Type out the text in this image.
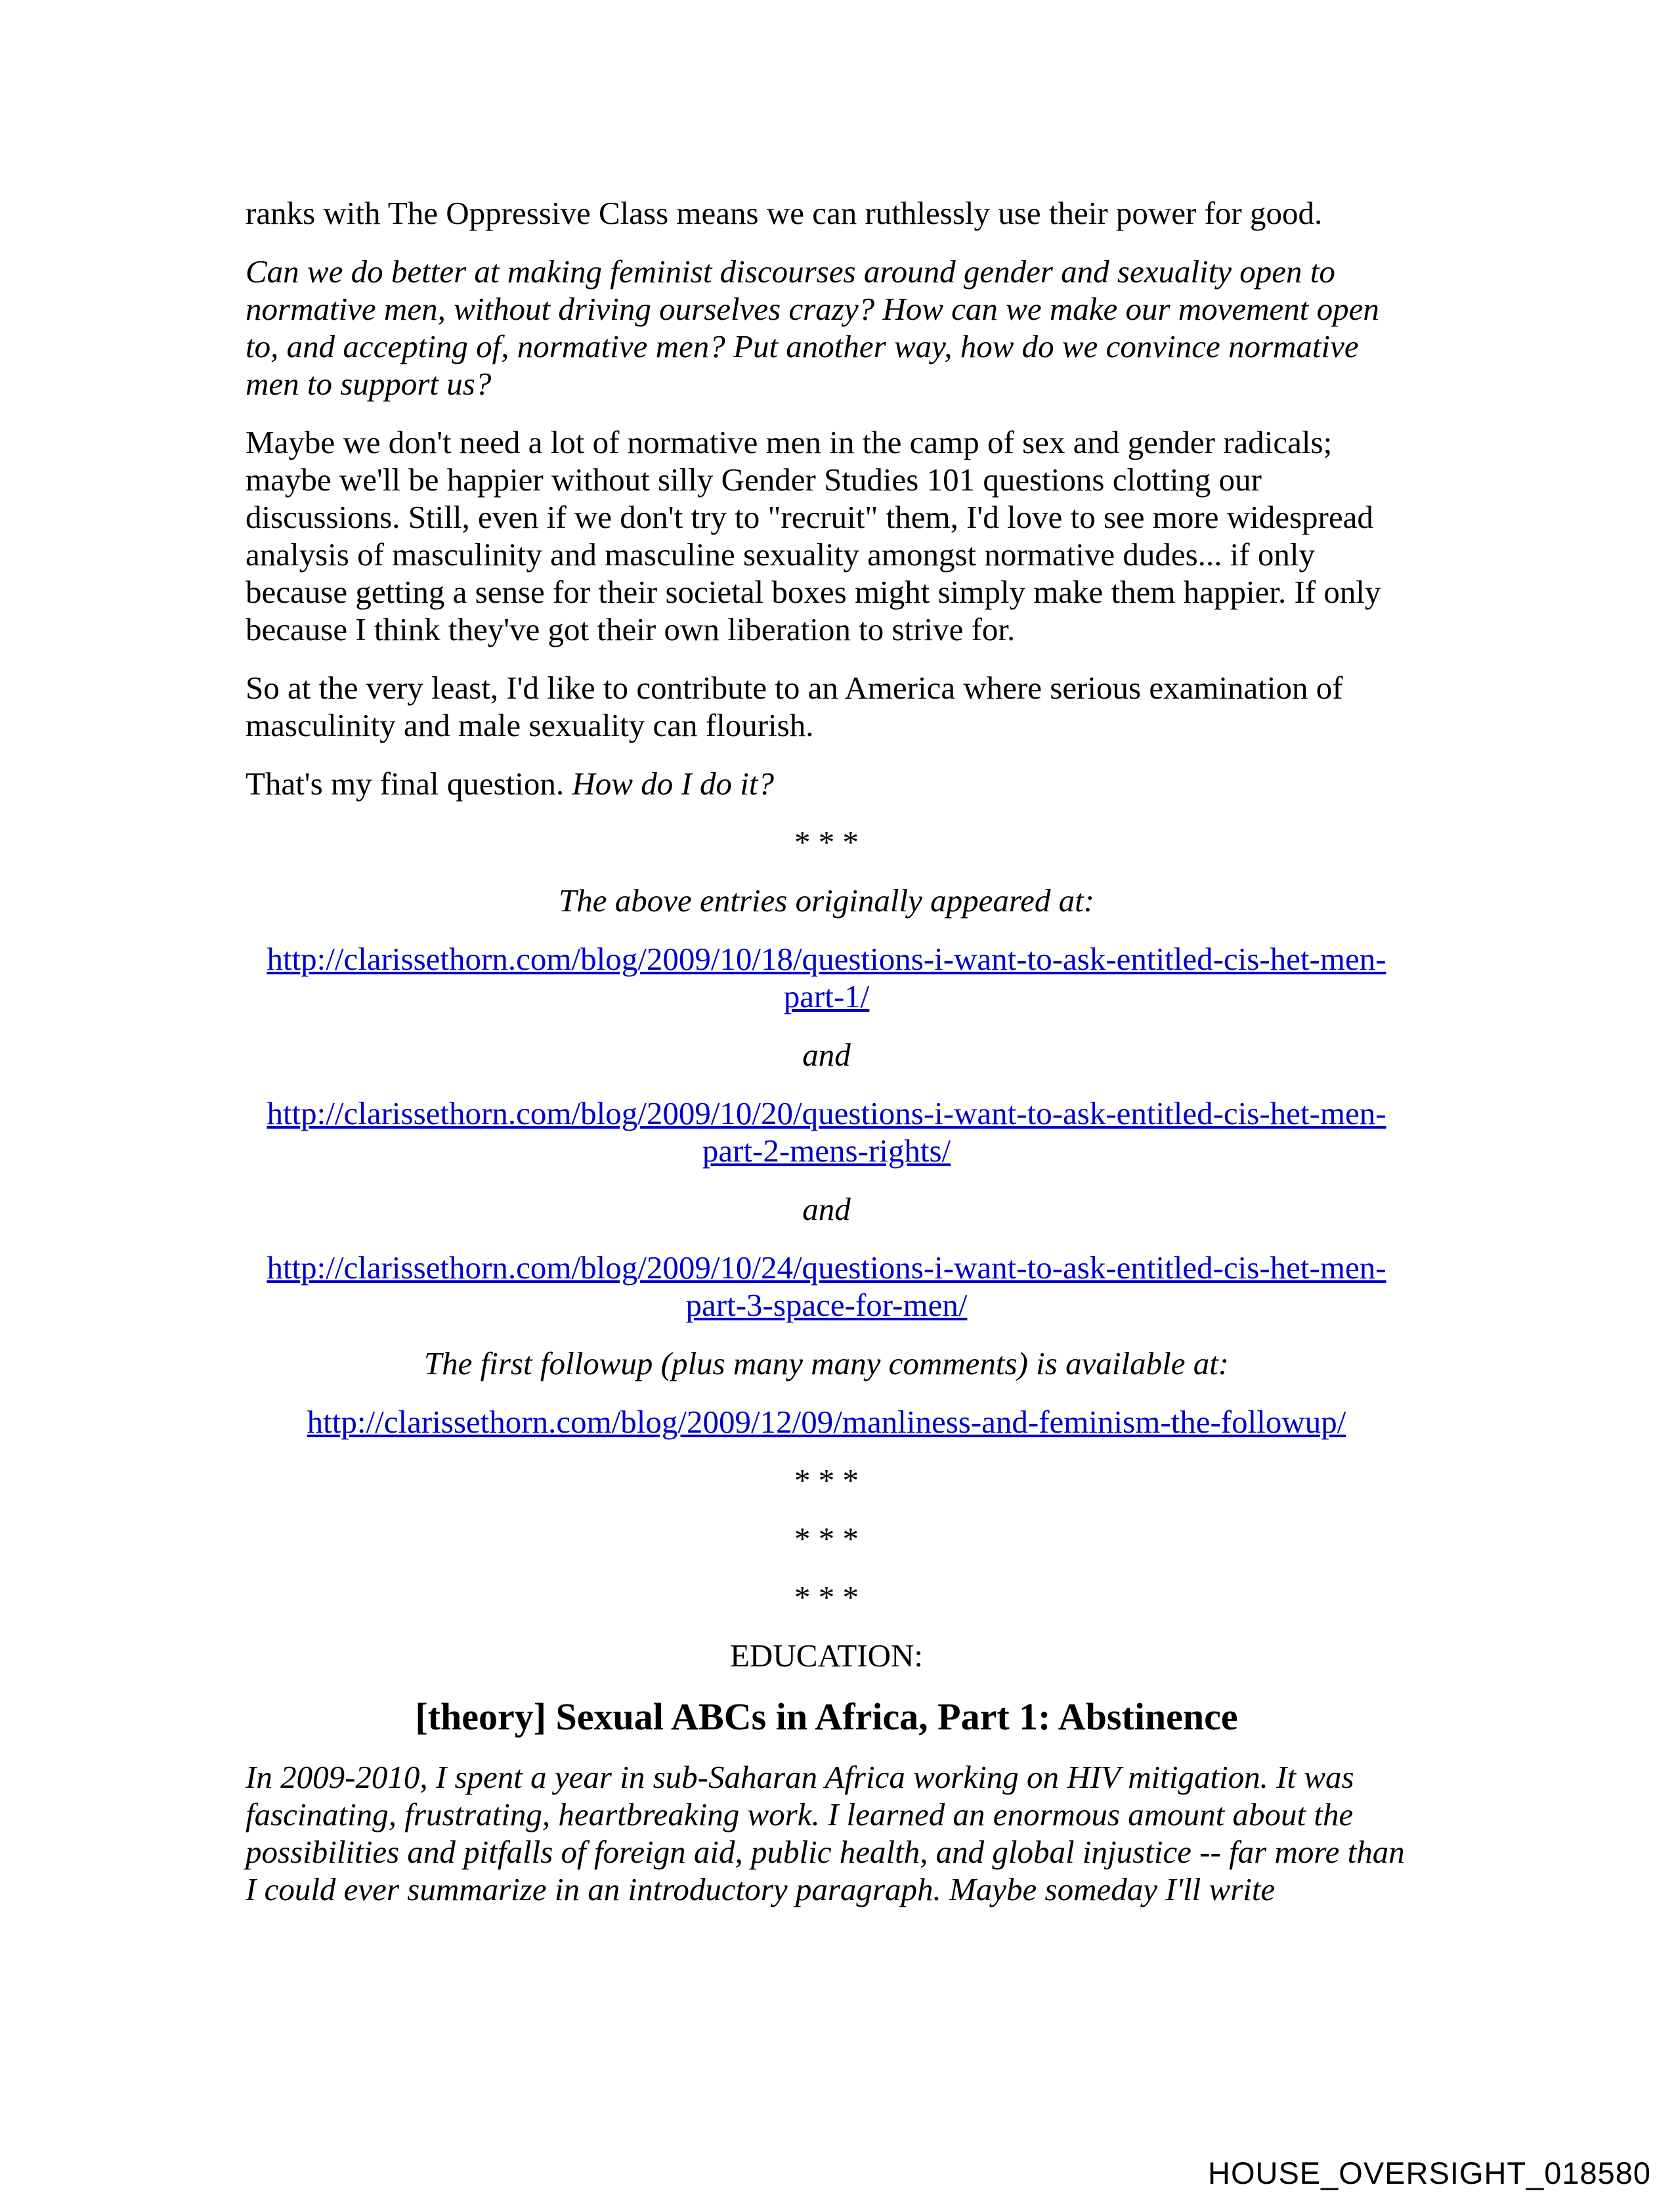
ranks with The Oppressive Class means we can ruthlessly use their power for good.

Can we do better at making feminist discourses around gender and sexuality open to normative men, without driving ourselves crazy? How can we make our movement open to, and accepting of, normative men? Put another way, how do we convince normative men to support us?

Maybe we don't need a lot of normative men in the camp of sex and gender radicals; maybe we'll be happier without silly Gender Studies 101 questions clotting our discussions. Still, even if we don't try to "recruit" them, I'd love to see more widespread analysis of masculinity and masculine sexuality amongst normative dudes... if only because getting a sense for their societal boxes might simply make them happier. If only because I think they've got their own liberation to strive for.

So at the very least, I'd like to contribute to an America where serious examination of masculinity and male sexuality can flourish.

That's my final question. How do I do it?

* * *

The above entries originally appeared at:

http://clarissethorn.com/blog/2009/10/18/questions-i-want-to-ask-entitled-cis-het-men-
part-1/

and

http://clarissethorn.com/blog/2009/10/20/questions-i-want-to-ask-entitled-cis-het-men-
part-2-mens-rights/

and

http://clarissethorn.com/blog/2009/10/24/questions-i-want-to-ask-entitled-cis-het-men-
part-3-space-for-men/

The first followup (plus many many comments) is available at:

http://clarissethorn.com/blog/2009/12/09/manliness-and-feminism-the-followup/

* * *

* * *

* * *

EDUCATION:

[theory] Sexual ABCs in Africa, Part 1: Abstinence

In 2009-2010, I spent a year in sub-Saharan Africa working on HIV mitigation. It was fascinating, frustrating, heartbreaking work. I learned an enormous amount about the possibilities and pitfalls of foreign aid, public health, and global injustice -- far more than I could ever summarize in an introductory paragraph. Maybe someday I'll write

HOUSE_OVERSIGHT_018580
